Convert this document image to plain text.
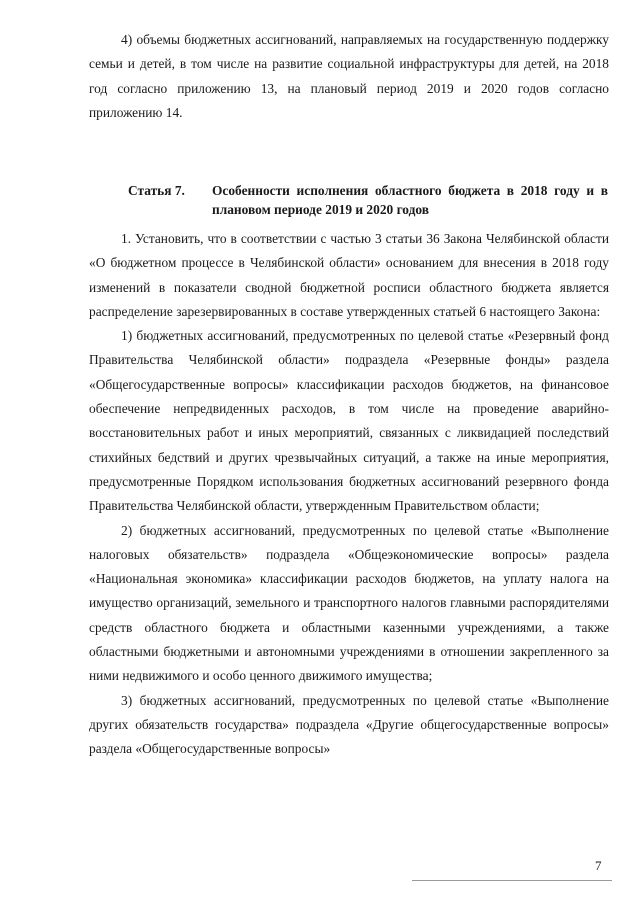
4) объемы бюджетных ассигнований, направляемых на государственную поддержку семьи и детей, в том числе на развитие социальной инфраструктуры для детей, на 2018 год согласно приложению 13, на плановый период 2019 и 2020 годов согласно приложению 14.

Статья 7.	Особенности исполнения областного бюджета в 2018 году и в плановом периоде 2019 и 2020 годов

1. Установить, что в соответствии с частью 3 статьи 36 Закона Челябинской области «О бюджетном процессе в Челябинской области» основанием для внесения в 2018 году изменений в показатели сводной бюджетной росписи областного бюджета является распределение зарезервированных в составе утвержденных статьей 6 настоящего Закона:

1) бюджетных ассигнований, предусмотренных по целевой статье «Резервный фонд Правительства Челябинской области» подраздела «Резервные фонды» раздела «Общегосударственные вопросы» классификации расходов бюджетов, на финансовое обеспечение непредвиденных расходов, в том числе на проведение аварийно-восстановительных работ и иных мероприятий, связанных с ликвидацией последствий стихийных бедствий и других чрезвычайных ситуаций, а также на иные мероприятия, предусмотренные Порядком использования бюджетных ассигнований резервного фонда Правительства Челябинской области, утвержденным Правительством области;

2) бюджетных ассигнований, предусмотренных по целевой статье «Выполнение налоговых обязательств» подраздела «Общеэкономические вопросы» раздела «Национальная экономика» классификации расходов бюджетов, на уплату налога на имущество организаций, земельного и транспортного налогов главными распорядителями средств областного бюджета и областными казенными учреждениями, а также областными бюджетными и автономными учреждениями в отношении закрепленного за ними недвижимого и особо ценного движимого имущества;

3) бюджетных ассигнований, предусмотренных по целевой статье «Выполнение других обязательств государства» подраздела «Другие общегосударственные вопросы» раздела «Общегосударственные вопросы»

7
